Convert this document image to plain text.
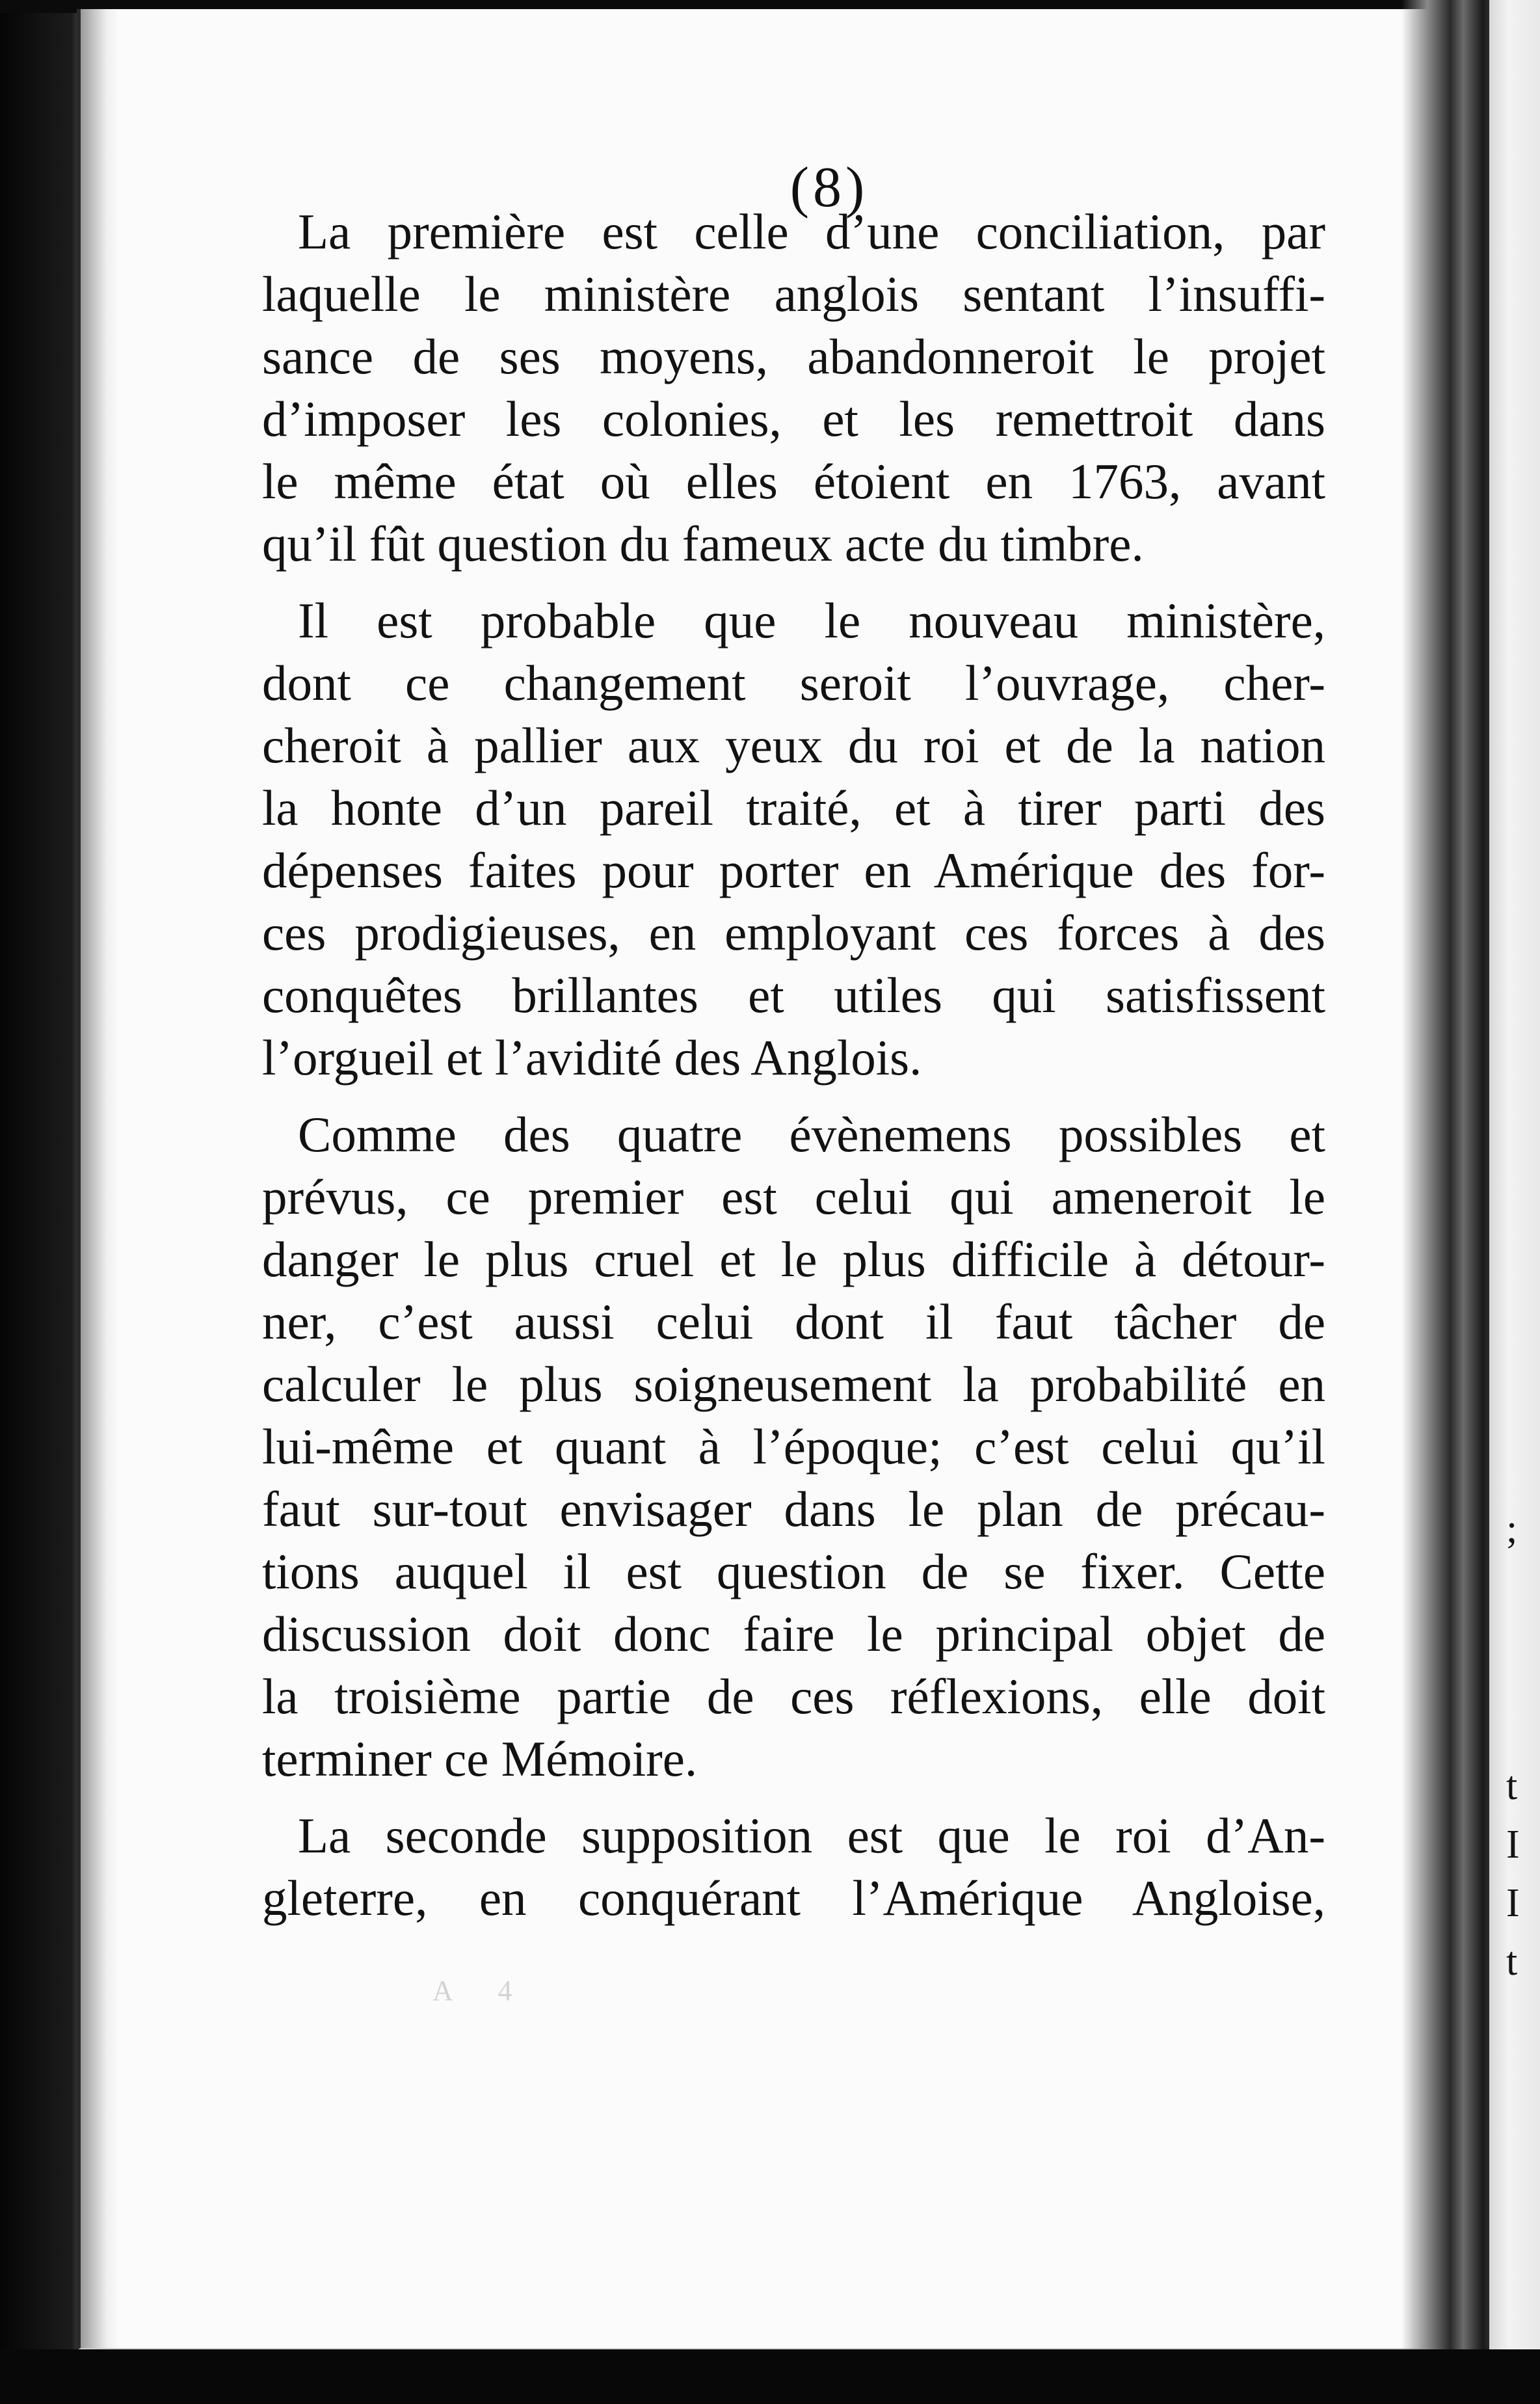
;
t
I
I
t
(8)

La première est celle d’une conciliation, par
laquelle le ministère anglois sentant l’insuffi-
sance de ses moyens, abandonneroit le projet
d’imposer les colonies, et les remettroit dans
le même état où elles étoient en 1763, avant
qu’il fût question du fameux acte du timbre.

Il est probable que le nouveau ministère,
dont ce changement seroit l’ouvrage, cher-
cheroit à pallier aux yeux du roi et de la nation
la honte d’un pareil traité, et à tirer parti des
dépenses faites pour porter en Amérique des for-
ces prodigieuses, en employant ces forces à des
conquêtes brillantes et utiles qui satisfissent
l’orgueil et l’avidité des Anglois.

Comme des quatre évènemens possibles et
prévus, ce premier est celui qui ameneroit le
danger le plus cruel et le plus difficile à détour-
ner, c’est aussi celui dont il faut tâcher de
calculer le plus soigneusement la probabilité en
lui-même et quant à l’époque; c’est celui qu’il
faut sur-tout envisager dans le plan de précau-
tions auquel il est question de se fixer. Cette
discussion doit donc faire le principal objet de
la troisième partie de ces réflexions, elle doit
terminer ce Mémoire.

La seconde supposition est que le roi d’An-
gleterre, en conquérant l’Amérique Angloise,

A 4
